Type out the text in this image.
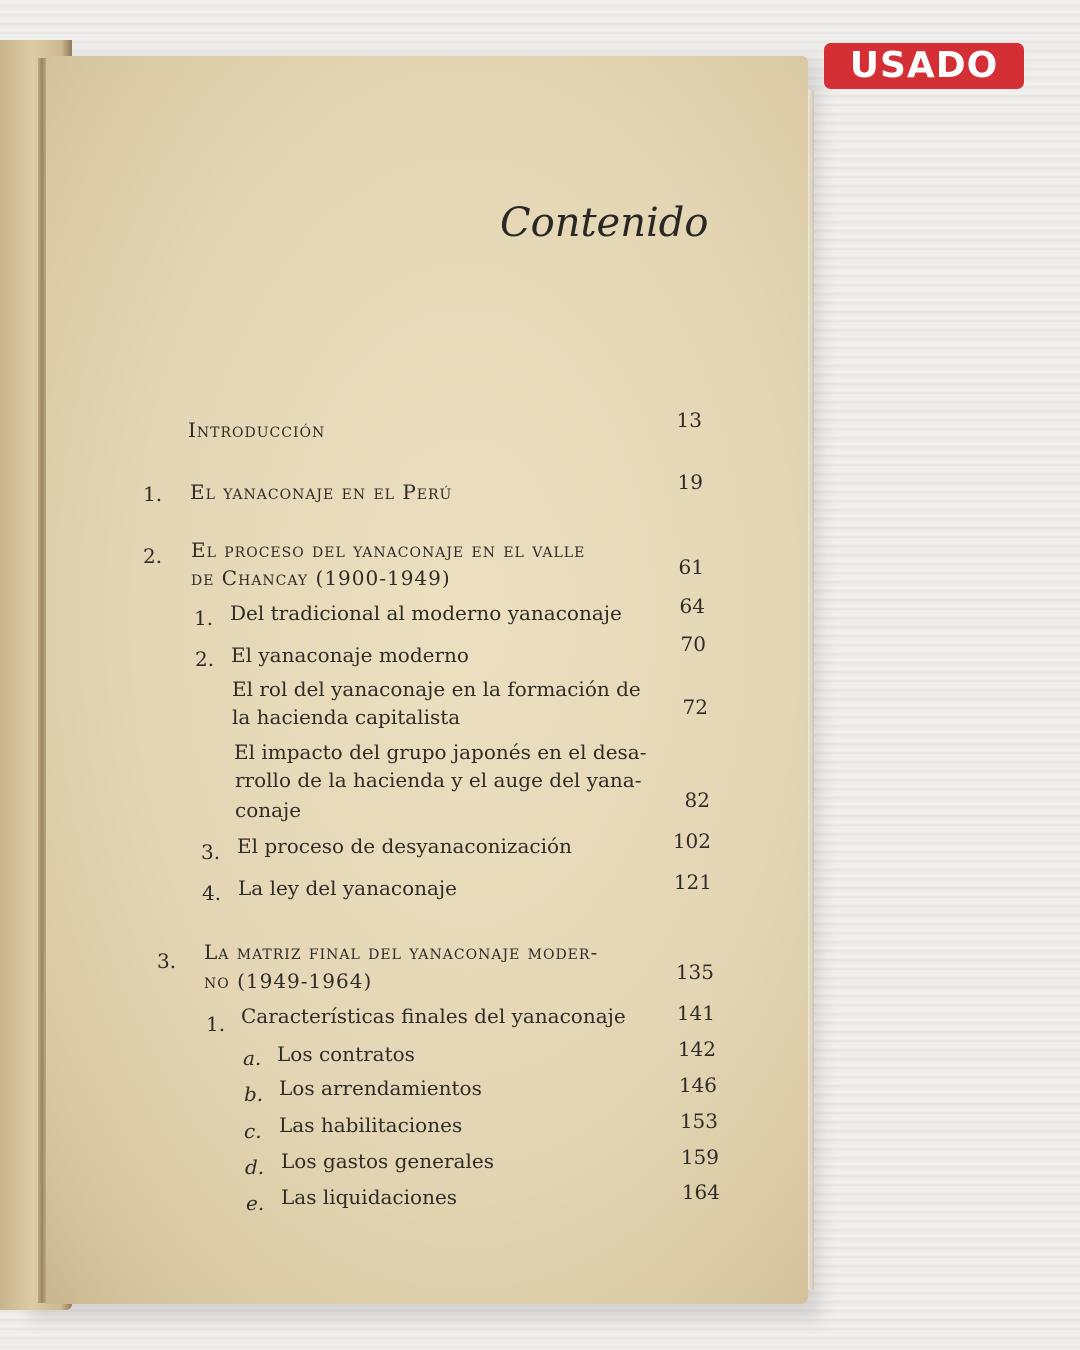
USADO
Contenido
Introducción	13
1. El yanaconaje en el Perú	19
2. El proceso del yanaconaje en el valle
de Chancay (1900-1949)	61
1. Del tradicional al moderno yanaconaje	64
2. El yanaconaje moderno	70
El rol del yanaconaje en la formación de
la hacienda capitalista	72
El impacto del grupo japonés en el desa-
rrollo de la hacienda y el auge del yana-
conaje	82
3. El proceso de desyanaconización	102
4. La ley del yanaconaje	121
3. La matriz final del yanaconaje moder-
no (1949-1964)	135
1. Características finales del yanaconaje	141
a. Los contratos	142
b. Los arrendamientos	146
c. Las habilitaciones	153
d. Los gastos generales	159
e. Las liquidaciones	164
